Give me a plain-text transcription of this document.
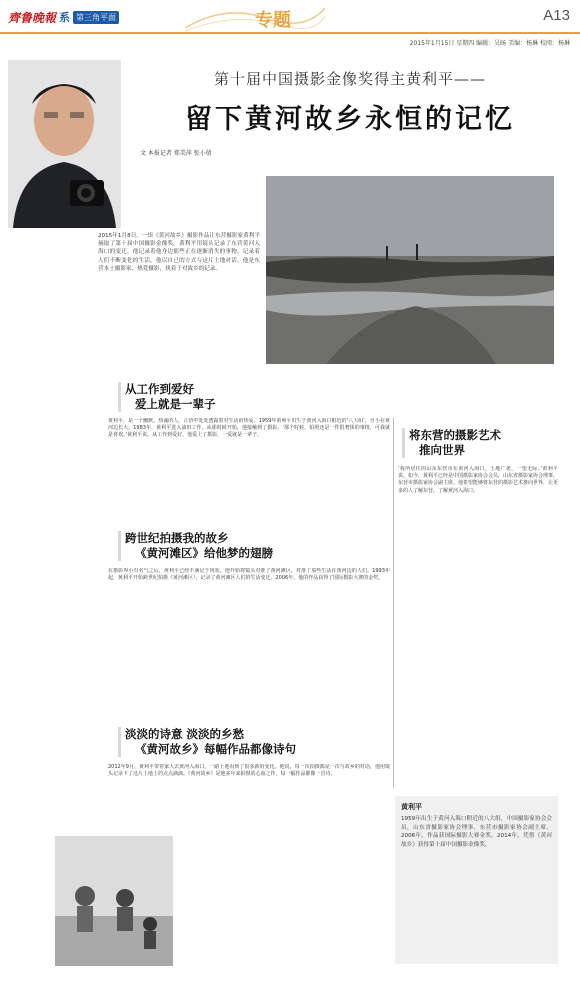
齊鲁晚報 系 第三角平面	专题	A13
2015年1月15日 星期四 编辑：吴旸 美编：杨琳 校阅：杨琳
第十届中国摄影金像奖得主黄利平——
留下黄河故乡永恒的记忆
文 本报记者 郑美萍 张小倩
2015年1月8日，一组《黄河故乡》摄影作品让东营摄影家黄利平摘取了第十届中国摄影金像奖。黄利平用镜头记录了东营黄河入海口的变迁，他记录着他身边那些正在逐渐消失的事物，记录着人们不断变化的生活，他以自己的方式与这片土地对话。他是东营本土摄影家，热爱摄影，执着于对故乡的记录。
从工作到爱好
爱上就是一辈子
黄利平，是一个幽默、热诚的人，言语中处处透露着对生活的热爱。1959年黄利平出生于黄河入海口附近的‘八大组’，自小在黄河边长大。1983年，黄利平进入油田工作，从那时候开始，他接触到了摄影。‘那个时候，拍照还是一件很奢侈的事情，可我就是喜欢。’黄利平说。从工作到爱好，他爱上了摄影，一爱就是一辈子。
跨世纪拍摄我的故乡
《黄河滩区》给他梦的翅膀
在摄影界小有名气之后，黄利平已经不满足于现状。他开始将镜头对准了黄河滩区，对准了那些生活在黄河边的人们。1993年起，黄利平开始跨世纪拍摄《黄河滩区》，记录了黄河滩区人们的生活变迁。2006年，他的作品获得了国际摄影大赛的金奖。
淡淡的诗意 淡淡的乡愁
《黄河故乡》每幅作品都像诗句
2012年9月，黄利平带着家人去黄河入海口，一路上他看到了很多新的变化。他说，每一次拍摄都是一次与故乡的对话，他用镜头记录下了这片土地上的点点滴滴。《黄河故乡》是他多年来拍摄的心血之作，每一幅作品都像一首诗。
将东营的摄影艺术
推向世界
‘我所居住的山东东营市在黄河入海口，土地广袤，一望无际。’黄利平说。如今，黄利平已经是中国摄影家协会会员，山东省摄影家协会理事，东营市摄影家协会副主席。他希望能够将东营的摄影艺术推向世界，让更多的人了解东营，了解黄河入海口。
黄利平
1959年出生于黄河入海口附近的八大组，中国摄影家协会会员，山东省摄影家协会理事，东营市摄影家协会副主席。2006年，作品获国际摄影大赛金奖。2014年，凭借《黄河故乡》获得第十届中国摄影金像奖。
